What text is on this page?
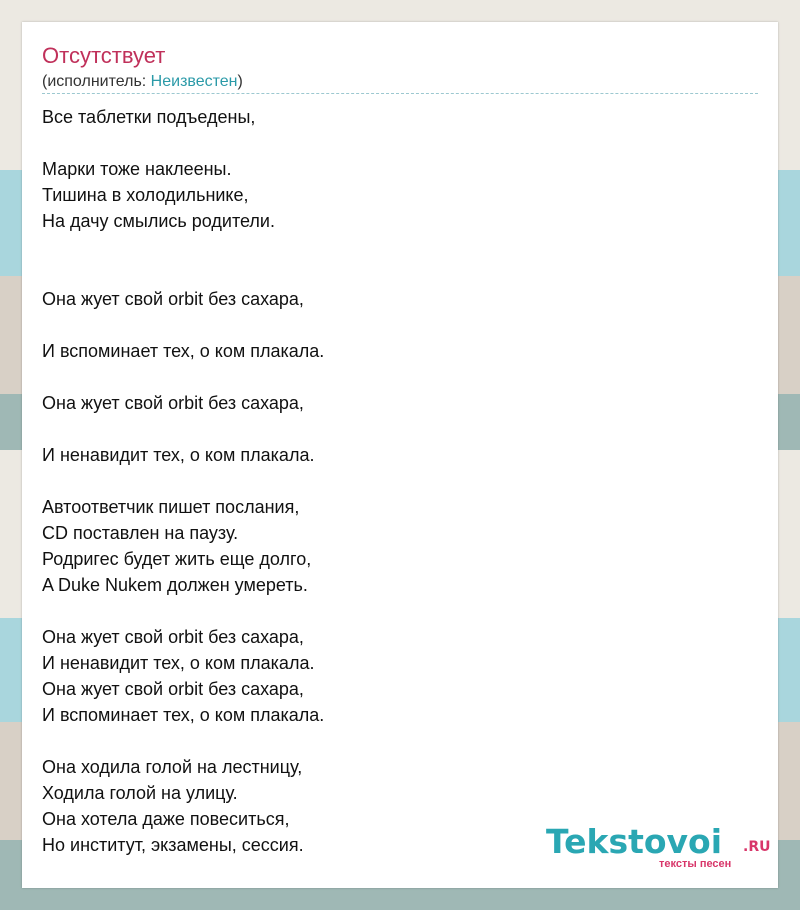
Отсутствует
(исполнитель: Неизвестен)
Все таблетки подъедены,
Марки тоже наклеены.
Тишина в холодильнике,
На дачу смылись родители.
Она жует свой orbit без сахара,
И вспоминает тех, о ком плакала.
Она жует свой orbit без сахара,
И ненавидит тех, о ком плакала.
Автоответчик пишет послания,
CD поставлен на паузу.
Родригес будет жить еще долго,
A Duke Nukem должен умереть.
Она жует свой orbit без сахара,
И ненавидит тех, о ком плакала.
Она жует свой orbit без сахара,
И вспоминает тех, о ком плакала.
Она ходила голой на лестницу,
Ходила голой на улицу.
Она хотела даже повеситься,
Но институт, экзамены, сессия.	Tekstovoi .RU
тексты песен
